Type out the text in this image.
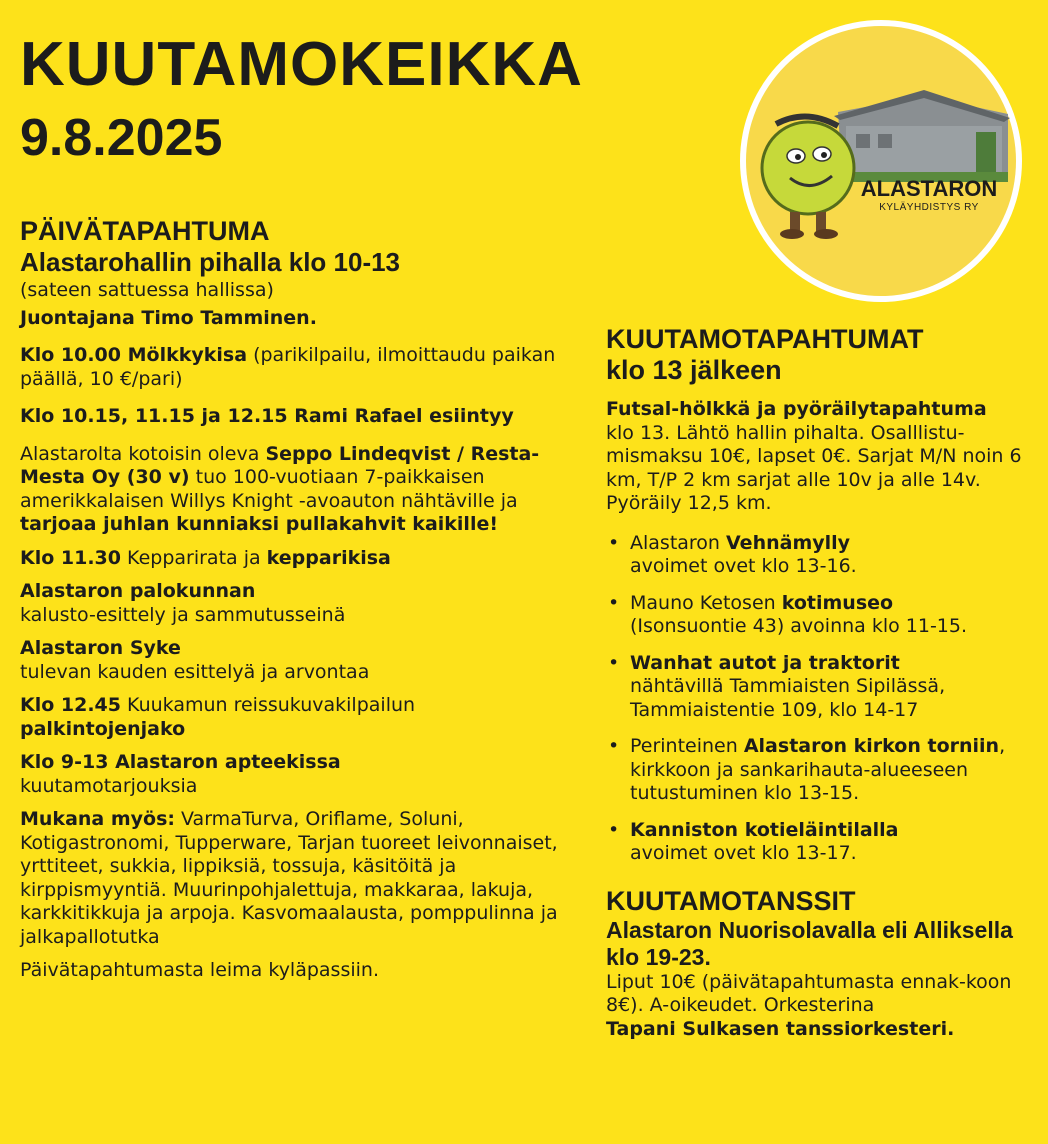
KUUTAMOKEIKKA
9.8.2025
ALASTARON
KYLÄYHDISTYS RY
PÄIVÄTAPAHTUMA
Alastarohallin pihalla klo 10-13
(sateen sattuessa hallissa)
Juontajana Timo Tamminen.
Klo 10.00 Mölkkykisa (parikilpailu, ilmoittaudu paikan päällä, 10 €/pari)
Klo 10.15, 11.15 ja 12.15 Rami Rafael esiintyy
Alastarolta kotoisin oleva Seppo Lindeqvist / Resta-Mesta Oy (30 v) tuo 100-vuotiaan 7-paikkaisen amerikkalaisen Willys Knight -avoauton nähtäville ja tarjoaa juhlan kunniaksi pullakahvit kaikille!
Klo 11.30 Kepparirata ja kepparikisa
Alastaron palokunnan
kalusto-esittely ja sammutusseinä
Alastaron Syke
tulevan kauden esittelyä ja arvontaa
Klo 12.45 Kuukamun reissukuvakilpailun
palkintojenjako
Klo 9-13 Alastaron apteekissa
kuutamotarjouksia
Mukana myös: VarmaTurva, Oriflame, Soluni, Kotigastronomi, Tupperware, Tarjan tuoreet leivonnaiset, yrttiteet, sukkia, lippiksiä, tossuja, käsitöitä ja kirppismyyntiä. Muurinpohjalettuja, makkaraa, lakuja, karkkitikkuja ja arpoja. Kasvomaalausta, pomppulinna ja jalkapallotutka
Päivätapahtumasta leima kyläpassiin.
KUUTAMOTAPAHTUMAT
klo 13 jälkeen
Futsal-hölkkä ja pyöräilytapahtuma
klo 13. Lähtö hallin pihalta. Osalllistu-mismaksu 10€, lapset 0€. Sarjat M/N noin 6 km, T/P 2 km sarjat alle 10v ja alle 14v. Pyöräily 12,5 km.
• Alastaron Vehnämylly
avoimet ovet klo 13-16.
• Mauno Ketosen kotimuseo
(Isonsuontie 43) avoinna klo 11-15.
• Wanhat autot ja traktorit
nähtävillä Tammiaisten Sipilässä, Tammiaistentie 109, klo 14-17
• Perinteinen Alastaron kirkon torniin, kirkkoon ja sankarihauta-alueeseen tutustuminen klo 13-15.
• Kanniston kotieläintilalla
avoimet ovet klo 13-17.
KUUTAMOTANSSIT
Alastaron Nuorisolavalla eli Alliksella klo 19-23.
Liput 10€ (päivätapahtumasta ennak-koon 8€). A-oikeudet. Orkesterina
Tapani Sulkasen tanssiorkesteri.
